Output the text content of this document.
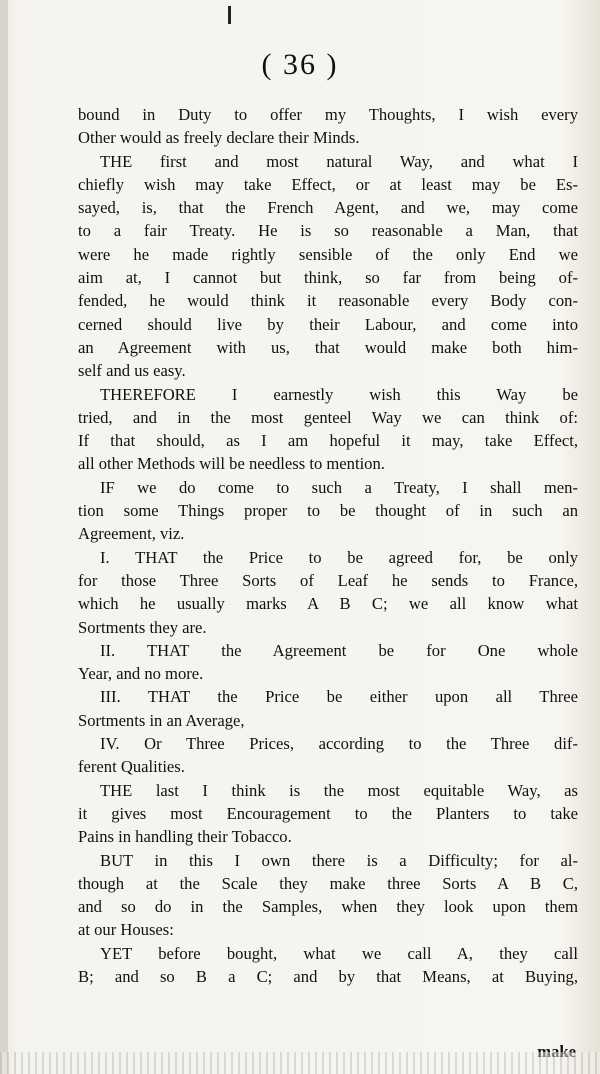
( 36 )
bound in Duty to offer my Thoughts, I wish every
Other would as freely declare their Minds.
THE first and most natural Way, and what I
chiefly wish may take Effect, or at least may be Es-
sayed, is, that the French Agent, and we, may come
to a fair Treaty. He is so reasonable a Man, that
were he made rightly sensible of the only End we
aim at, I cannot but think, so far from being of-
fended, he would think it reasonable every Body con-
cerned should live by their Labour, and come into
an Agreement with us, that would make both him-
self and us easy.
THEREFORE I earnestly wish this Way be
tried, and in the most genteel Way we can think of:
If that should, as I am hopeful it may, take Effect,
all other Methods will be needless to mention.
IF we do come to such a Treaty, I shall men-
tion some Things proper to be thought of in such an
Agreement, viz.
I. THAT the Price to be agreed for, be only
for those Three Sorts of Leaf he sends to France,
which he usually marks A B C; we all know what
Sortments they are.
II. THAT the Agreement be for One whole
Year, and no more.
III. THAT the Price be either upon all Three
Sortments in an Average,
IV. Or Three Prices, according to the Three dif-
ferent Qualities.
THE last I think is the most equitable Way, as
it gives most Encouragement to the Planters to take
Pains in handling their Tobacco.
BUT in this I own there is a Difficulty; for al-
though at the Scale they make three Sorts A B C,
and so do in the Samples, when they look upon them
at our Houses:
YET before bought, what we call A, they call
B; and so B a C; and by that Means, at Buying,
